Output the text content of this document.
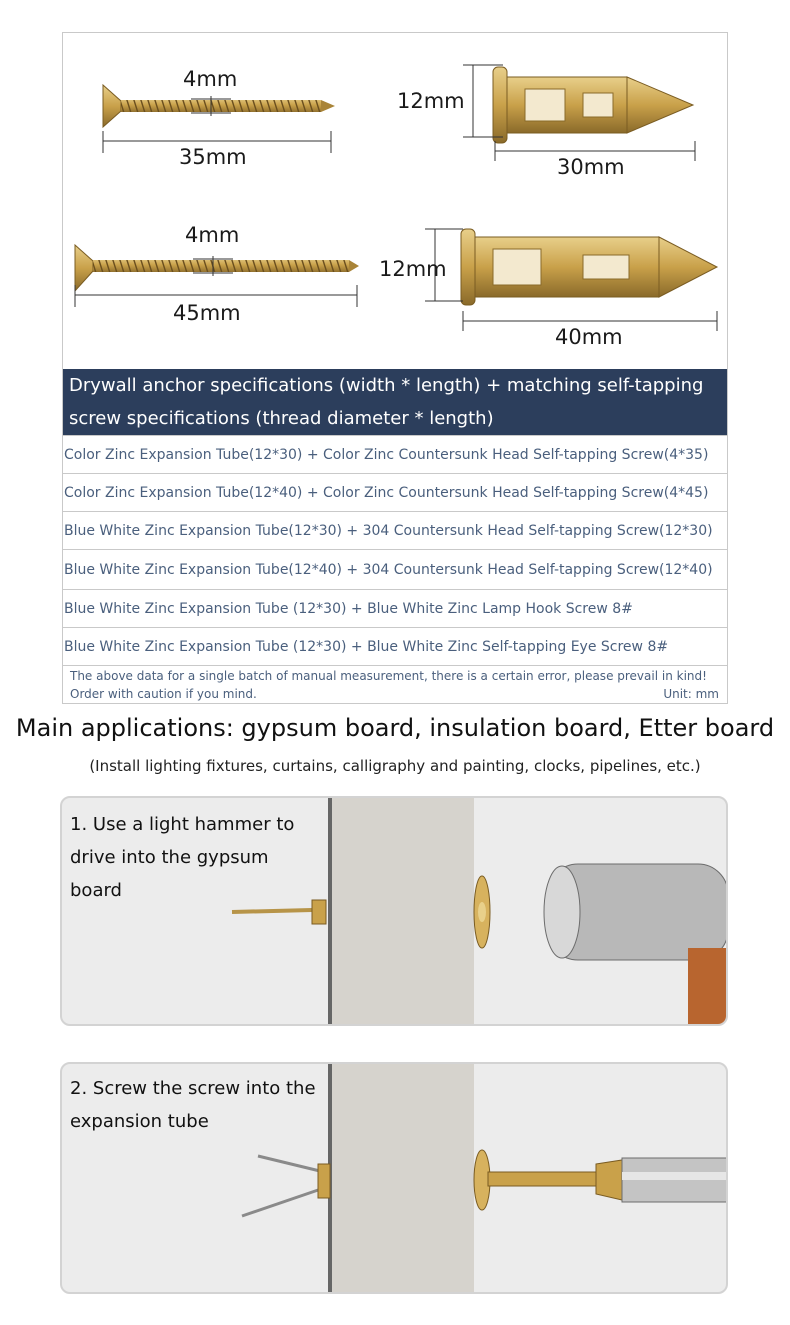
4mm
35mm
12mm
30mm
4mm
45mm
12mm
40mm
Drywall anchor specifications (width * length) + matching self-tapping screw specifications (thread diameter * length)
Color Zinc Expansion Tube(12*30) + Color Zinc Countersunk Head Self-tapping Screw(4*35)
Color Zinc Expansion Tube(12*40) + Color Zinc Countersunk Head Self-tapping Screw(4*45)
Blue White Zinc Expansion Tube(12*30) + 304 Countersunk Head Self-tapping Screw(12*30)
Blue White Zinc Expansion Tube(12*40) + 304 Countersunk Head Self-tapping Screw(12*40)
Blue White Zinc Expansion Tube (12*30) + Blue White Zinc Lamp Hook Screw 8#
Blue White Zinc Expansion Tube (12*30) + Blue White Zinc Self-tapping Eye Screw 8#
The above data for a single batch of manual measurement, there is a certain error, please prevail in kind!
Order with caution if you mind.	Unit: mm
Main applications: gypsum board, insulation board, Etter board
(Install lighting fixtures, curtains, calligraphy and painting, clocks, pipelines, etc.)
1. Use a light hammer to drive into the gypsum board
2. Screw the screw into the expansion tube
